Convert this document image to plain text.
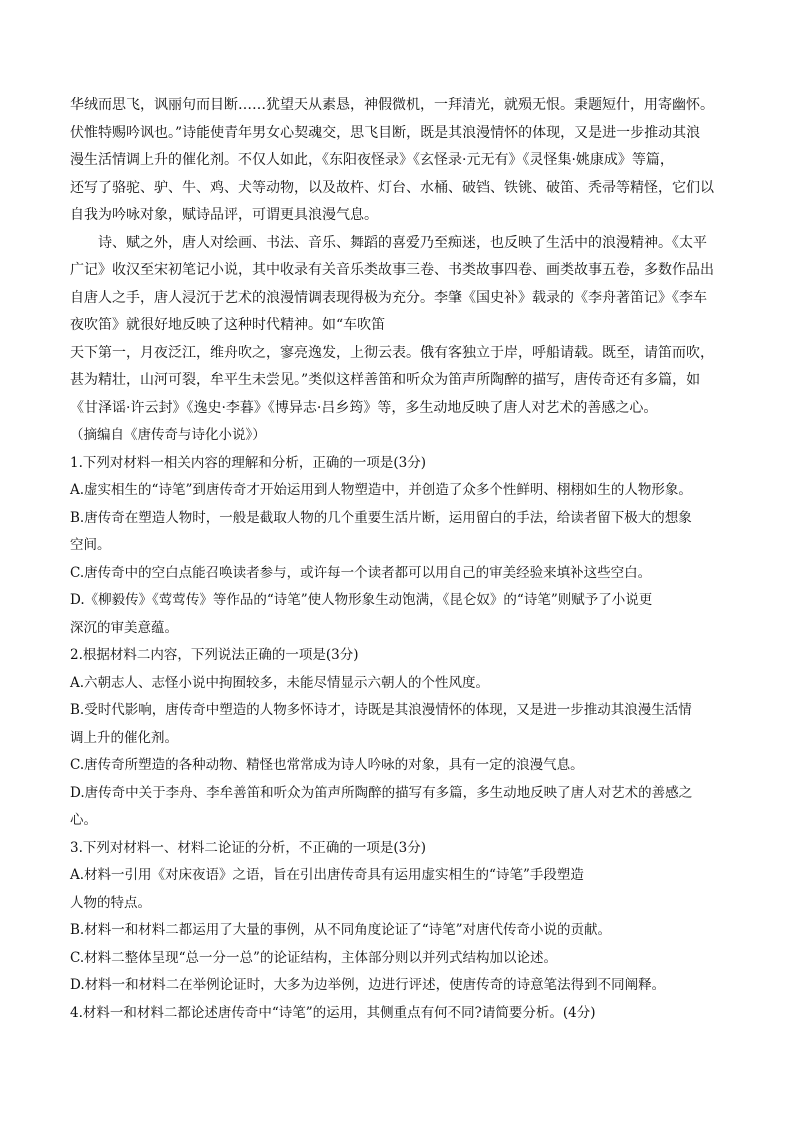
华绒而思飞，讽丽句而目断……犹望天从素恳，神假微机，一拜清光，就殒无恨。秉题短什，用寄幽怀。
伏惟特赐吟讽也。”诗能使青年男女心契魂交，思飞目断，既是其浪漫情怀的体现，又是进一步推动其浪
漫生活情调上升的催化剂。不仅人如此，《东阳夜怪录》《玄怪录·元无有》《灵怪集·姚康成》等篇，
还写了骆驼、驴、牛、鸡、犬等动物，以及故杵、灯台、水桶、破铛、铁铫、破笛、秃帚等精怪，它们以
自我为吟咏对象，赋诗品评，可谓更具浪漫气息。
诗、赋之外，唐人对绘画、书法、音乐、舞蹈的喜爱乃至痴迷，也反映了生活中的浪漫精神。《太平
广记》收汉至宋初笔记小说，其中收录有关音乐类故事三卷、书类故事四卷、画类故事五卷，多数作品出
自唐人之手，唐人浸沉于艺术的浪漫情调表现得极为充分。李肇《国史补》载录的《李舟著笛记》《李车
夜吹笛》就很好地反映了这种时代精神。如“车吹笛
天下第一，月夜泛江，维舟吹之，寥亮逸发，上彻云表。俄有客独立于岸，呼船请载。既至，请笛而吹，
甚为精壮，山河可裂，牟平生未尝见。”类似这样善笛和听众为笛声所陶醉的描写，唐传奇还有多篇，如
《甘泽谣·许云封》《逸史·李暮》《博异志·吕乡筠》等，多生动地反映了唐人对艺术的善感之心。
（摘编自《唐传奇与诗化小说》）
1.下列对材料一相关内容的理解和分析，正确的一项是(3分)
A.虚实相生的“诗笔”到唐传奇才开始运用到人物塑造中，并创造了众多个性鲜明、栩栩如生的人物形象。
B.唐传奇在塑造人物时，一般是截取人物的几个重要生活片断，运用留白的手法，给读者留下极大的想象
空间。
C.唐传奇中的空白点能召唤读者参与，或许每一个读者都可以用自己的审美经验来填补这些空白。
D.《柳毅传》《莺莺传》等作品的“诗笔”使人物形象生动饱满，《昆仑奴》的“诗笔”则赋予了小说更
深沉的审美意蕴。
2.根据材料二内容，下列说法正确的一项是(3分)
A.六朝志人、志怪小说中拘囿较多，未能尽情显示六朝人的个性风度。
B.受时代影响，唐传奇中塑造的人物多怀诗才，诗既是其浪漫情怀的体现，又是进一步推动其浪漫生活情
调上升的催化剂。
C.唐传奇所塑造的各种动物、精怪也常常成为诗人吟咏的对象，具有一定的浪漫气息。
D.唐传奇中关于李舟、李牟善笛和听众为笛声所陶醉的描写有多篇，多生动地反映了唐人对艺术的善感之
心。
3.下列对材料一、材料二论证的分析，不正确的一项是(3分)
A.材料一引用《对床夜语》之语，旨在引出唐传奇具有运用虚实相生的“诗笔”手段塑造
人物的特点。
B.材料一和材料二都运用了大量的事例，从不同角度论证了“诗笔”对唐代传奇小说的贡献。
C.材料二整体呈现“总一分一总”的论证结构，主体部分则以并列式结构加以论述。
D.材料一和材料二在举例论证时，大多为边举例，边进行评述，使唐传奇的诗意笔法得到不同阐释。
4.材料一和材料二都论述唐传奇中“诗笔”的运用，其侧重点有何不同?请简要分析。(4分)
